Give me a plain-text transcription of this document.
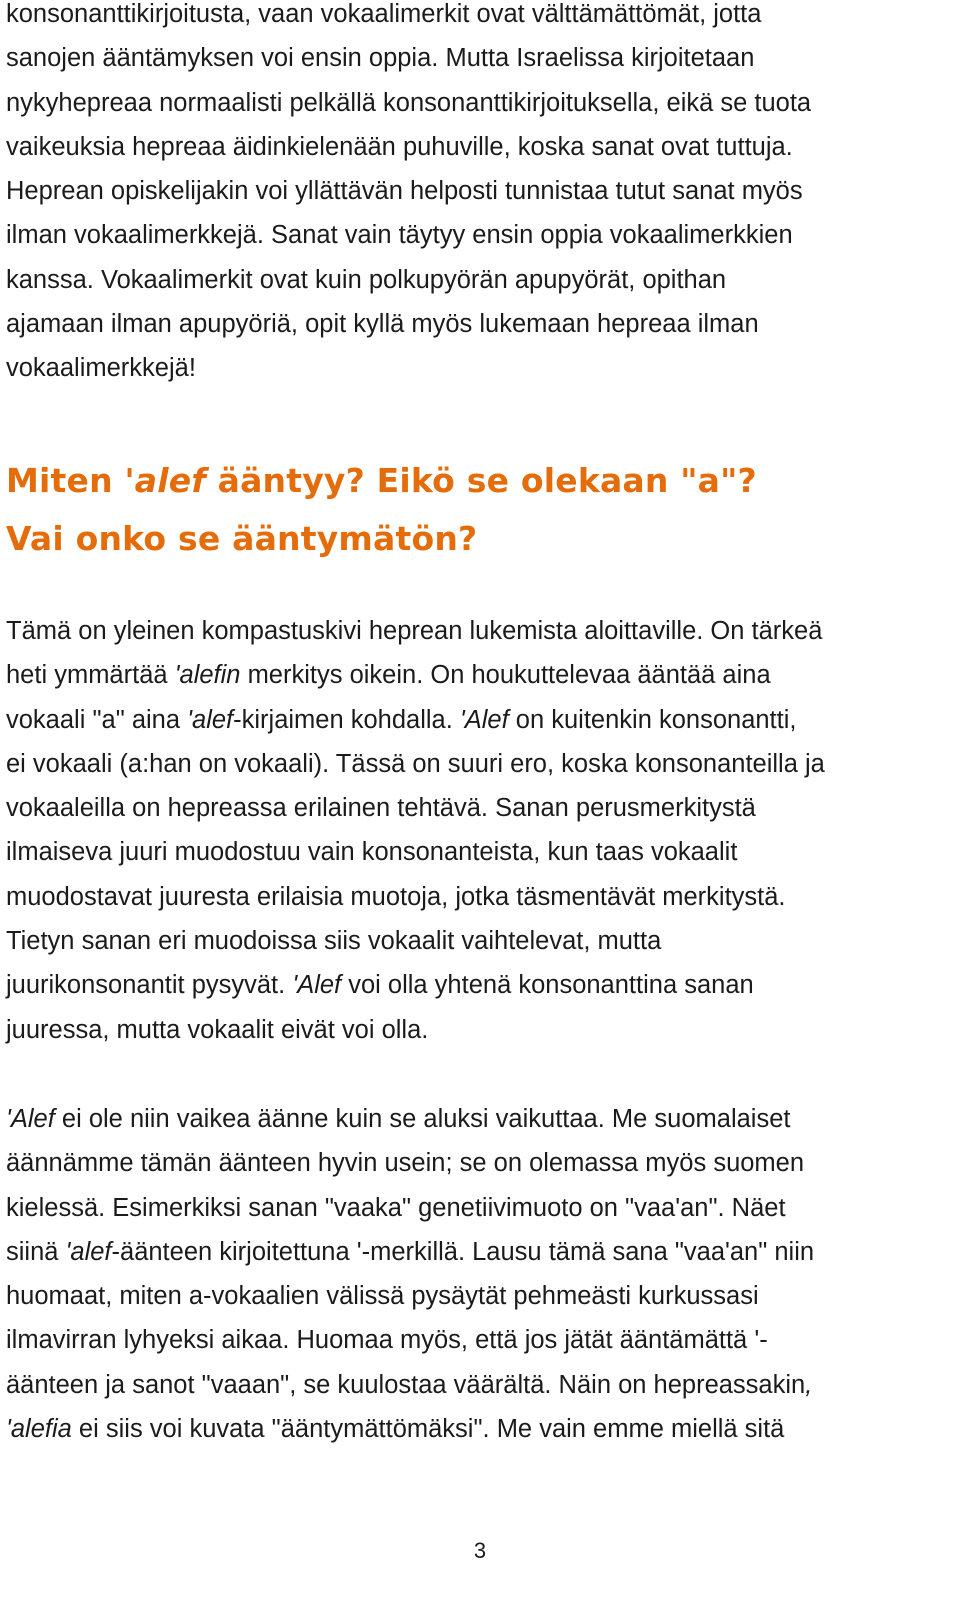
konsonanttikirjoitusta, vaan vokaalimerkit ovat välttämättömät, jotta
sanojen ääntämyksen voi ensin oppia. Mutta Israelissa kirjoitetaan
nykyhepreaa normaalisti pelkällä konsonanttikirjoituksella, eikä se tuota
vaikeuksia hepreaa äidinkielenään puhuville, koska sanat ovat tuttuja.
Heprean opiskelijakin voi yllättävän helposti tunnistaa tutut sanat myös
ilman vokaalimerkkejä. Sanat vain täytyy ensin oppia vokaalimerkkien
kanssa. Vokaalimerkit ovat kuin polkupyörän apupyörät, opithan
ajamaan ilman apupyöriä, opit kyllä myös lukemaan hepreaa ilman
vokaalimerkkejä!
Miten 'alef ääntyy? Eikö se olekaan "a"?
Vai onko se ääntymätön?
Tämä on yleinen kompastuskivi heprean lukemista aloittaville. On tärkeä
heti ymmärtää 'alefin merkitys oikein. On houkuttelevaa ääntää aina
vokaali "a" aina 'alef-kirjaimen kohdalla. 'Alef on kuitenkin konsonantti,
ei vokaali (a:han on vokaali). Tässä on suuri ero, koska konsonanteilla ja
vokaaleilla on hepreassa erilainen tehtävä. Sanan perusmerkitystä
ilmaiseva juuri muodostuu vain konsonanteista, kun taas vokaalit
muodostavat juuresta erilaisia muotoja, jotka täsmentävät merkitystä.
Tietyn sanan eri muodoissa siis vokaalit vaihtelevat, mutta
juurikonsonantit pysyvät. 'Alef voi olla yhtenä konsonanttina sanan
juuressa, mutta vokaalit eivät voi olla.
'Alef ei ole niin vaikea äänne kuin se aluksi vaikuttaa. Me suomalaiset
äännämme tämän äänteen hyvin usein; se on olemassa myös suomen
kielessä. Esimerkiksi sanan "vaaka" genetiivimuoto on "vaa'an". Näet
siinä 'alef-äänteen kirjoitettuna '-merkillä. Lausu tämä sana "vaa'an" niin
huomaat, miten a-vokaalien välissä pysäytät pehmeästi kurkussasi
ilmavirran lyhyeksi aikaa. Huomaa myös, että jos jätät ääntämättä '-
äänteen ja sanot "vaaan", se kuulostaa väärältä. Näin on hepreassakin,
'alefia ei siis voi kuvata "ääntymättömäksi". Me vain emme miellä sitä
3
